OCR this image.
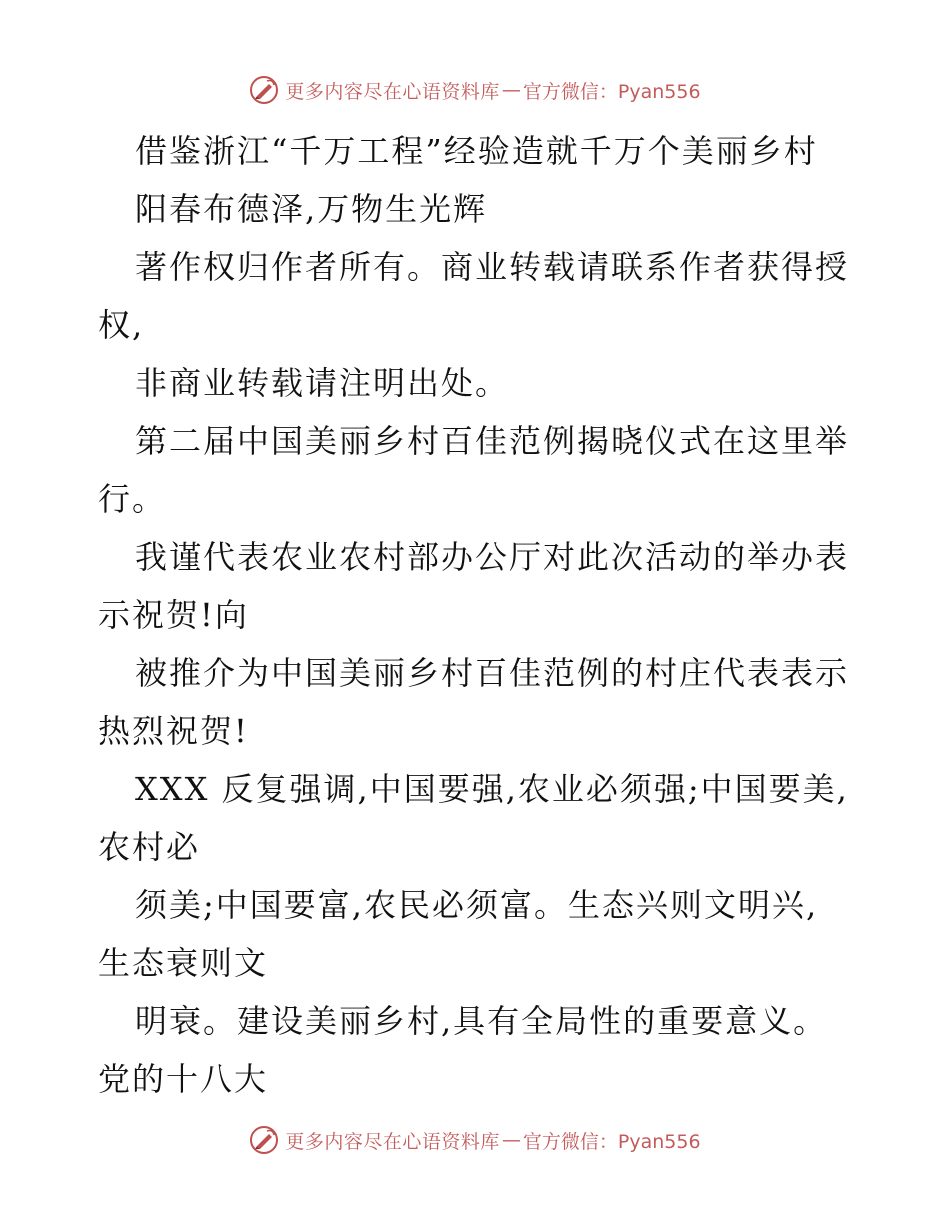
更多内容尽在心语资料库 — 官方微信：Pyan556
借鉴浙江“千万工程”经验造就千万个美丽乡村
阳春布德泽,万物生光辉
著作权归作者所有。商业转载请联系作者获得授
权,
非商业转载请注明出处。
第二届中国美丽乡村百佳范例揭晓仪式在这里举
行。
我谨代表农业农村部办公厅对此次活动的举办表
示祝贺!向
被推介为中国美丽乡村百佳范例的村庄代表表示
热烈祝贺!
XXX 反复强调,中国要强,农业必须强;中国要美,
农村必
须美;中国要富,农民必须富。生态兴则文明兴,
生态衰则文
明衰。建设美丽乡村,具有全局性的重要意义。
党的十八大
更多内容尽在心语资料库 — 官方微信：Pyan556
